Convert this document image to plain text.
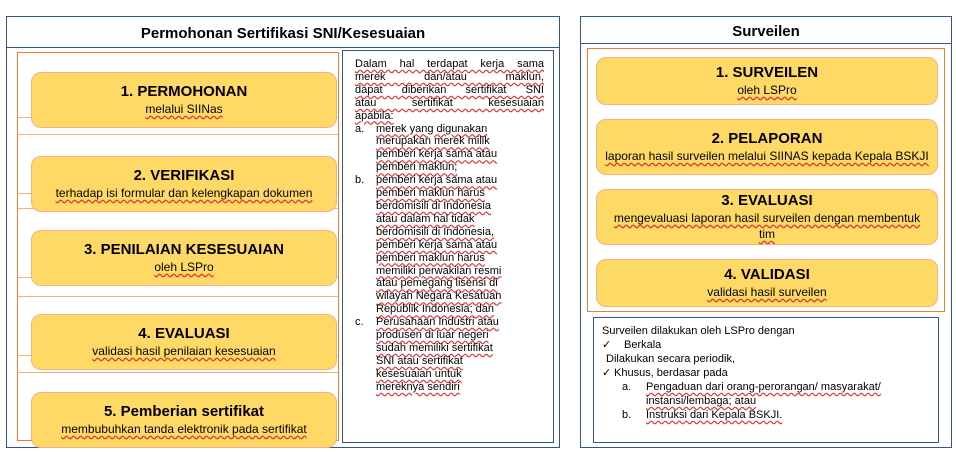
Permohonan Sertifikasi SNI/Kesesuaian
1. PERMOHONAN
melalui SIINas
2. VERIFIKASI
terhadap isi formular dan kelengkapan dokumen
3. PENILAIAN KESESUAIAN
oleh LSPro
4. EVALUASI
validasi hasil penilaian kesesuaian
5. Pemberian sertifikat
membubuhkan tanda elektronik pada sertifikat
Dalam hal terdapat kerja sama
merek dan/atau maklun,
dapat diberikan sertifikat SNI
atau sertifikat kesesuaian
apabila:
a.	merek yang digunakan
merupakan merek milik
pemberi kerja sama atau
pemberi maklun;
b.	pemberi kerja sama atau
pemberi maklun harus
berdomisili di Indonesia
atau dalam hal tidak
berdomisili di Indonesia,
pemberi kerja sama atau
pemberi maklun harus
memiliki perwakilan resmi
atau pemegang lisensi di
wilayah Negara Kesatuan
Republik Indonesia; dan
c.	Perusahaan Industri atau
produsen di luar negeri
sudah memiliki sertifikat
SNI atau sertifikat
kesesuaian untuk
mereknya sendiri
Surveilen
1. SURVEILEN
oleh LSPro
2. PELAPORAN
laporan hasil surveilen melalui SIINAS kepada Kepala BSKJI
3. EVALUASI
mengevaluasi laporan hasil surveilen dengan membentuk tim
4. VALIDASI
validasi hasil surveilen
Surveilen dilakukan oleh LSPro dengan
✓	Berkala
Dilakukan secara periodik,
✓ Khusus, berdasar pada
a.	Pengaduan dari orang-perorangan/ masyarakat/
instansi/lembaga; atau
b.	Instruksi dari Kepala BSKJI.
